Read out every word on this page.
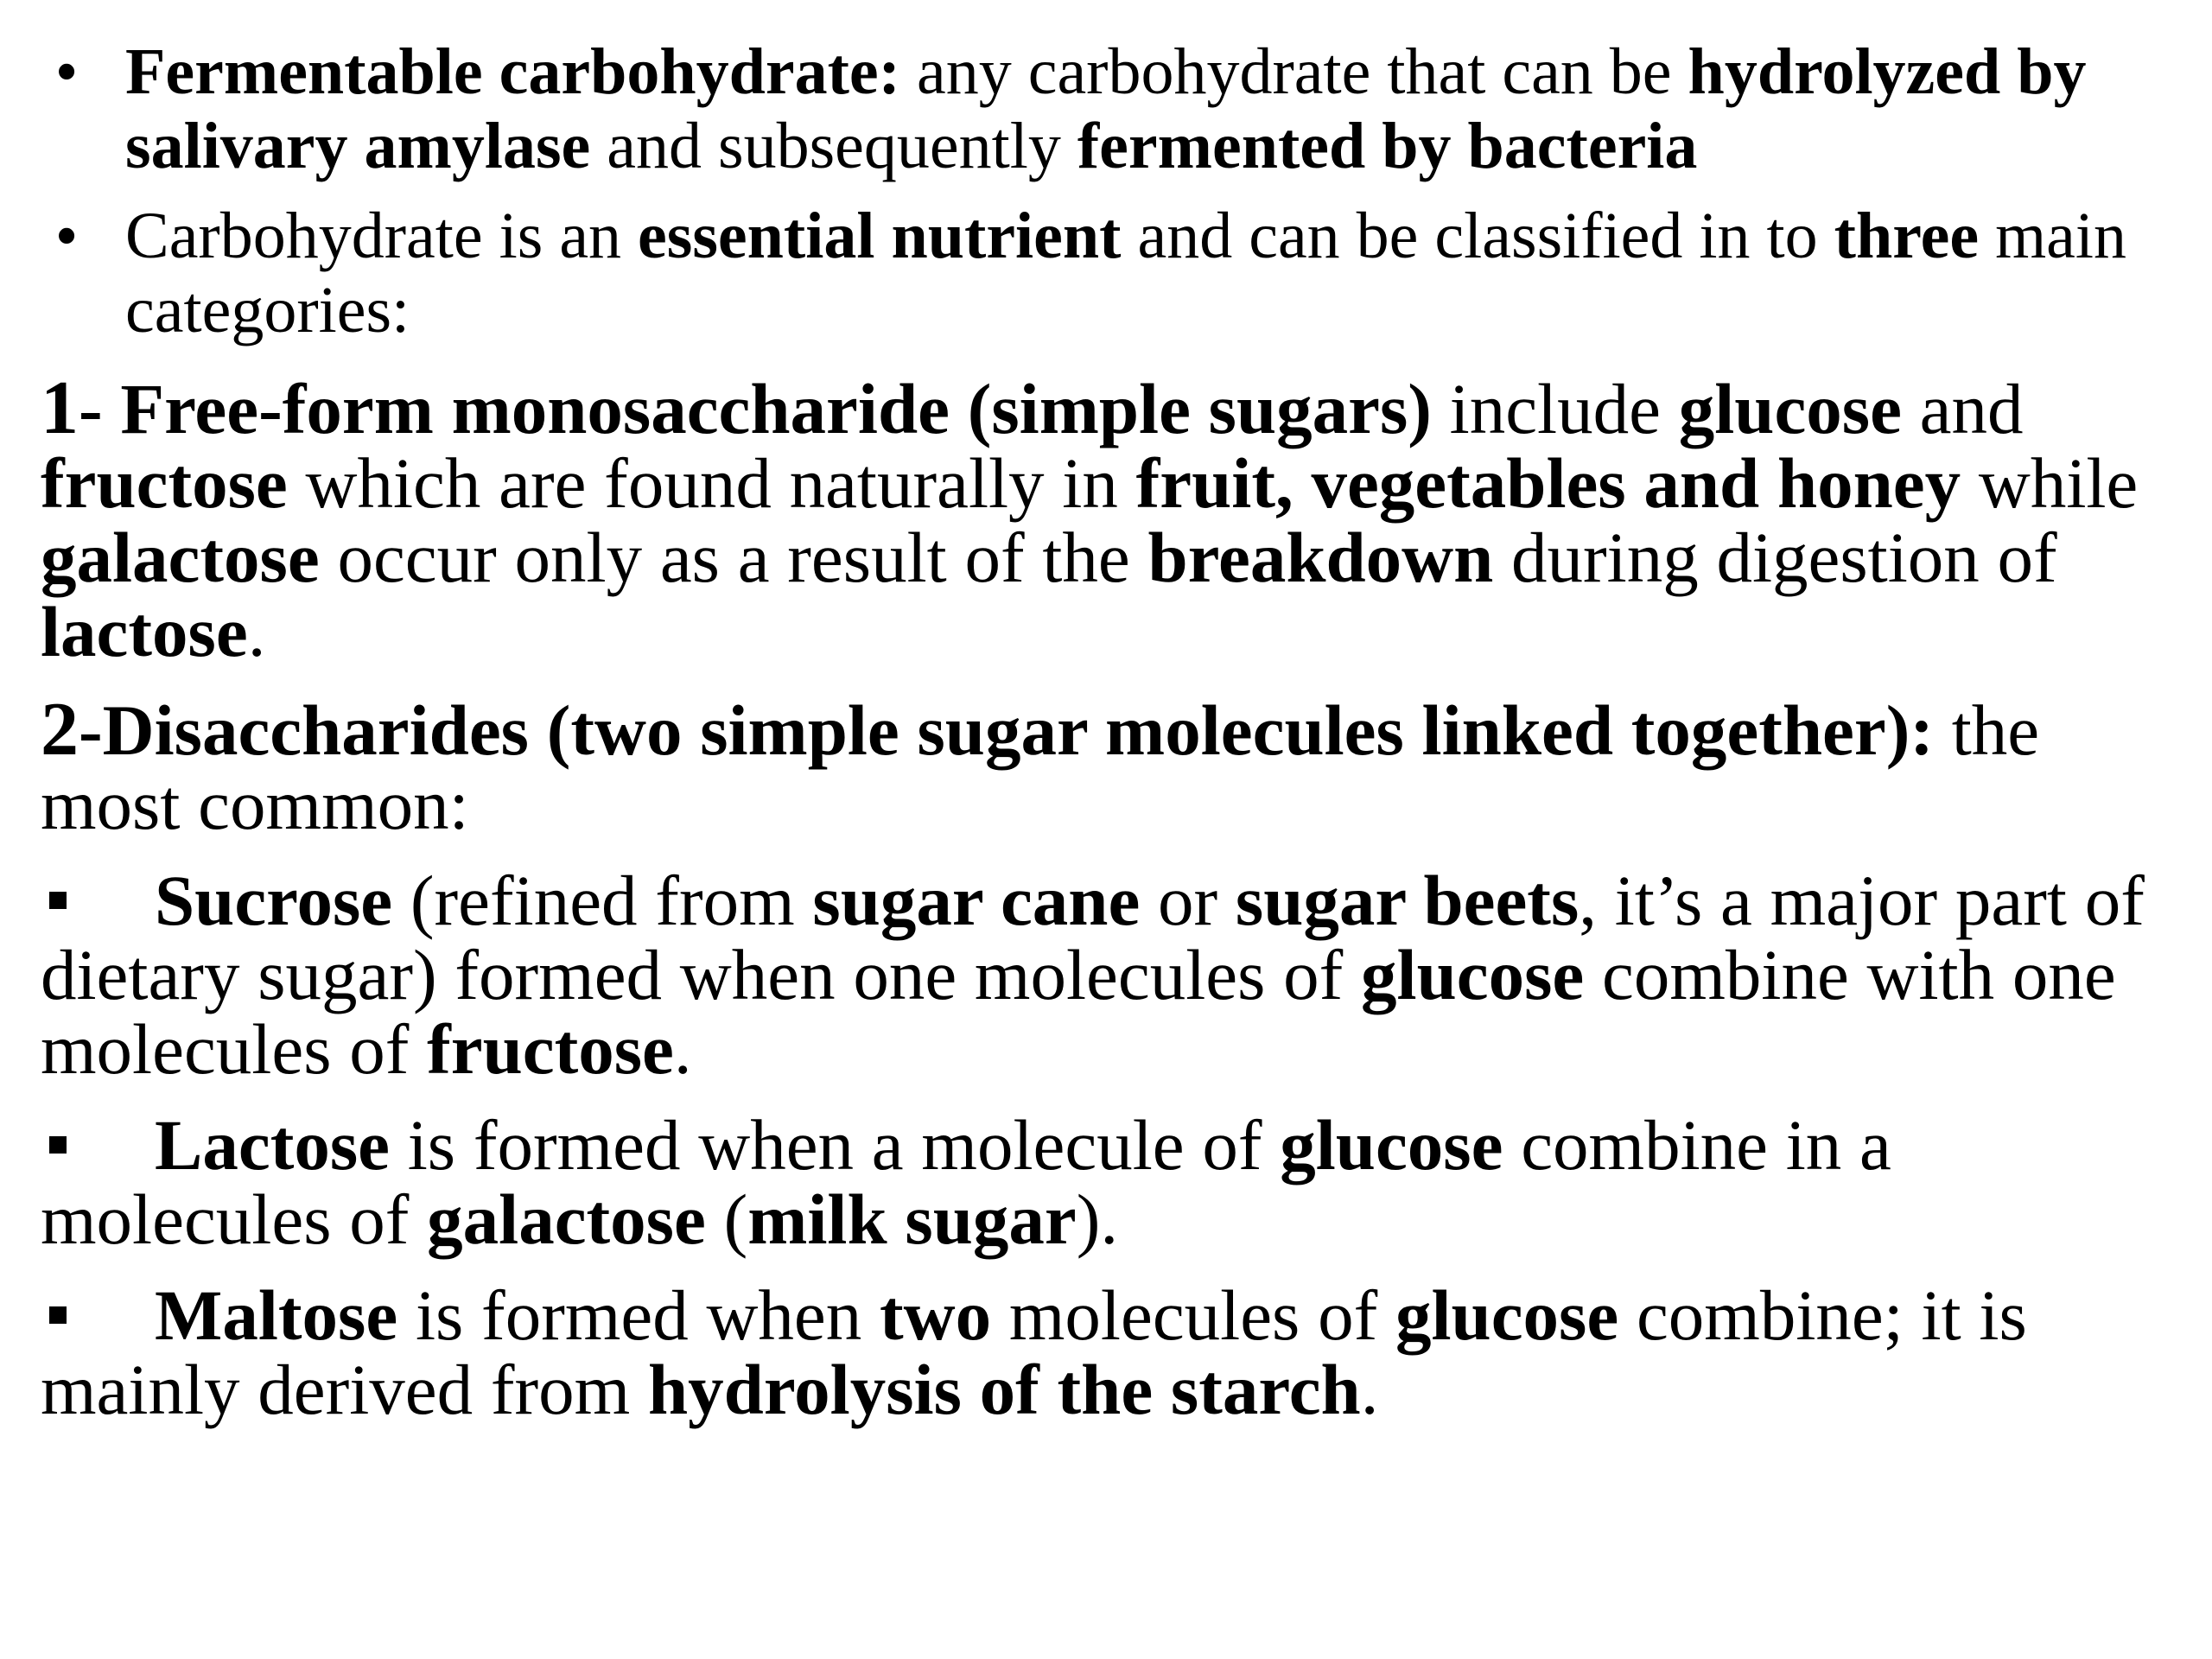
• Fermentable carbohydrate: any carbohydrate that can be hydrolyzed by salivary amylase and subsequently fermented by bacteria
• Carbohydrate is an essential nutrient and can be classified in to three main categories:
1- Free-form monosaccharide (simple sugars) include glucose and fructose which are found naturally in fruit, vegetables and honey while galactose occur only as a result of the breakdown during digestion of lactose.
2-Disaccharides (two simple sugar molecules linked together): the most common:
Sucrose (refined from sugar cane or sugar beets, it’s a major part of dietary sugar) formed when one molecules of glucose combine with one molecules of fructose.
Lactose is formed when a molecule of glucose combine in a molecules of galactose (milk sugar).
Maltose is formed when two molecules of glucose combine; it is mainly derived from hydrolysis of the starch.
